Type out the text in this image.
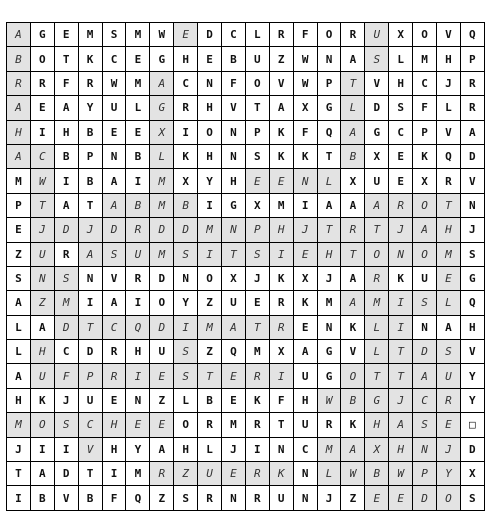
A	G	E	M	S	M	W	E	D	C	L	R	F	O	R	U	X	O	V	Q
B	O	T	K	C	E	G	H	E	B	U	Z	W	N	A	S	L	M	H	P
R	R	F	R	W	M	A	C	N	F	O	V	W	P	T	V	H	C	J	R
A	E	A	Y	U	L	G	R	H	V	T	A	X	G	L	D	S	F	L	R
H	I	H	B	E	E	X	I	O	N	P	K	F	Q	A	G	C	P	V	A
A	C	B	P	N	B	L	K	H	N	S	K	K	T	B	X	E	K	Q	D
M	W	I	B	A	I	M	X	Y	H	E	E	N	L	X	U	E	X	R	V
P	T	A	T	A	B	M	B	I	G	X	M	I	A	A	A	R	O	T	N
E	J	D	J	D	R	D	D	M	N	P	H	J	T	R	T	J	A	H	J
Z	U	R	A	S	U	M	S	I	T	S	I	E	H	T	O	N	O	M	S
S	N	S	N	V	R	D	N	O	X	J	K	X	J	A	R	K	U	E	G
A	Z	M	I	A	I	O	Y	Z	U	E	R	K	M	A	M	I	S	L	Q
L	A	D	T	C	Q	D	I	M	A	T	R	E	N	K	L	I	N	A	H
L	H	C	D	R	H	U	S	Z	Q	M	X	A	G	V	L	T	D	S	V
A	U	F	P	R	I	E	S	T	E	R	I	U	G	O	T	T	A	U	Y
H	K	J	U	E	N	Z	L	B	E	K	F	H	W	B	G	J	C	R	Y
M	O	S	C	H	E	E	O	R	M	R	T	U	R	K	H	A	S	E	□
J	I	I	V	H	Y	A	H	L	J	I	N	C	M	A	X	H	N	J	D
T	A	D	T	I	M	R	Z	U	E	R	K	N	L	W	B	W	P	Y	X
I	B	V	B	F	Q	Z	S	R	N	R	U	N	J	Z	E	E	D	O	S
